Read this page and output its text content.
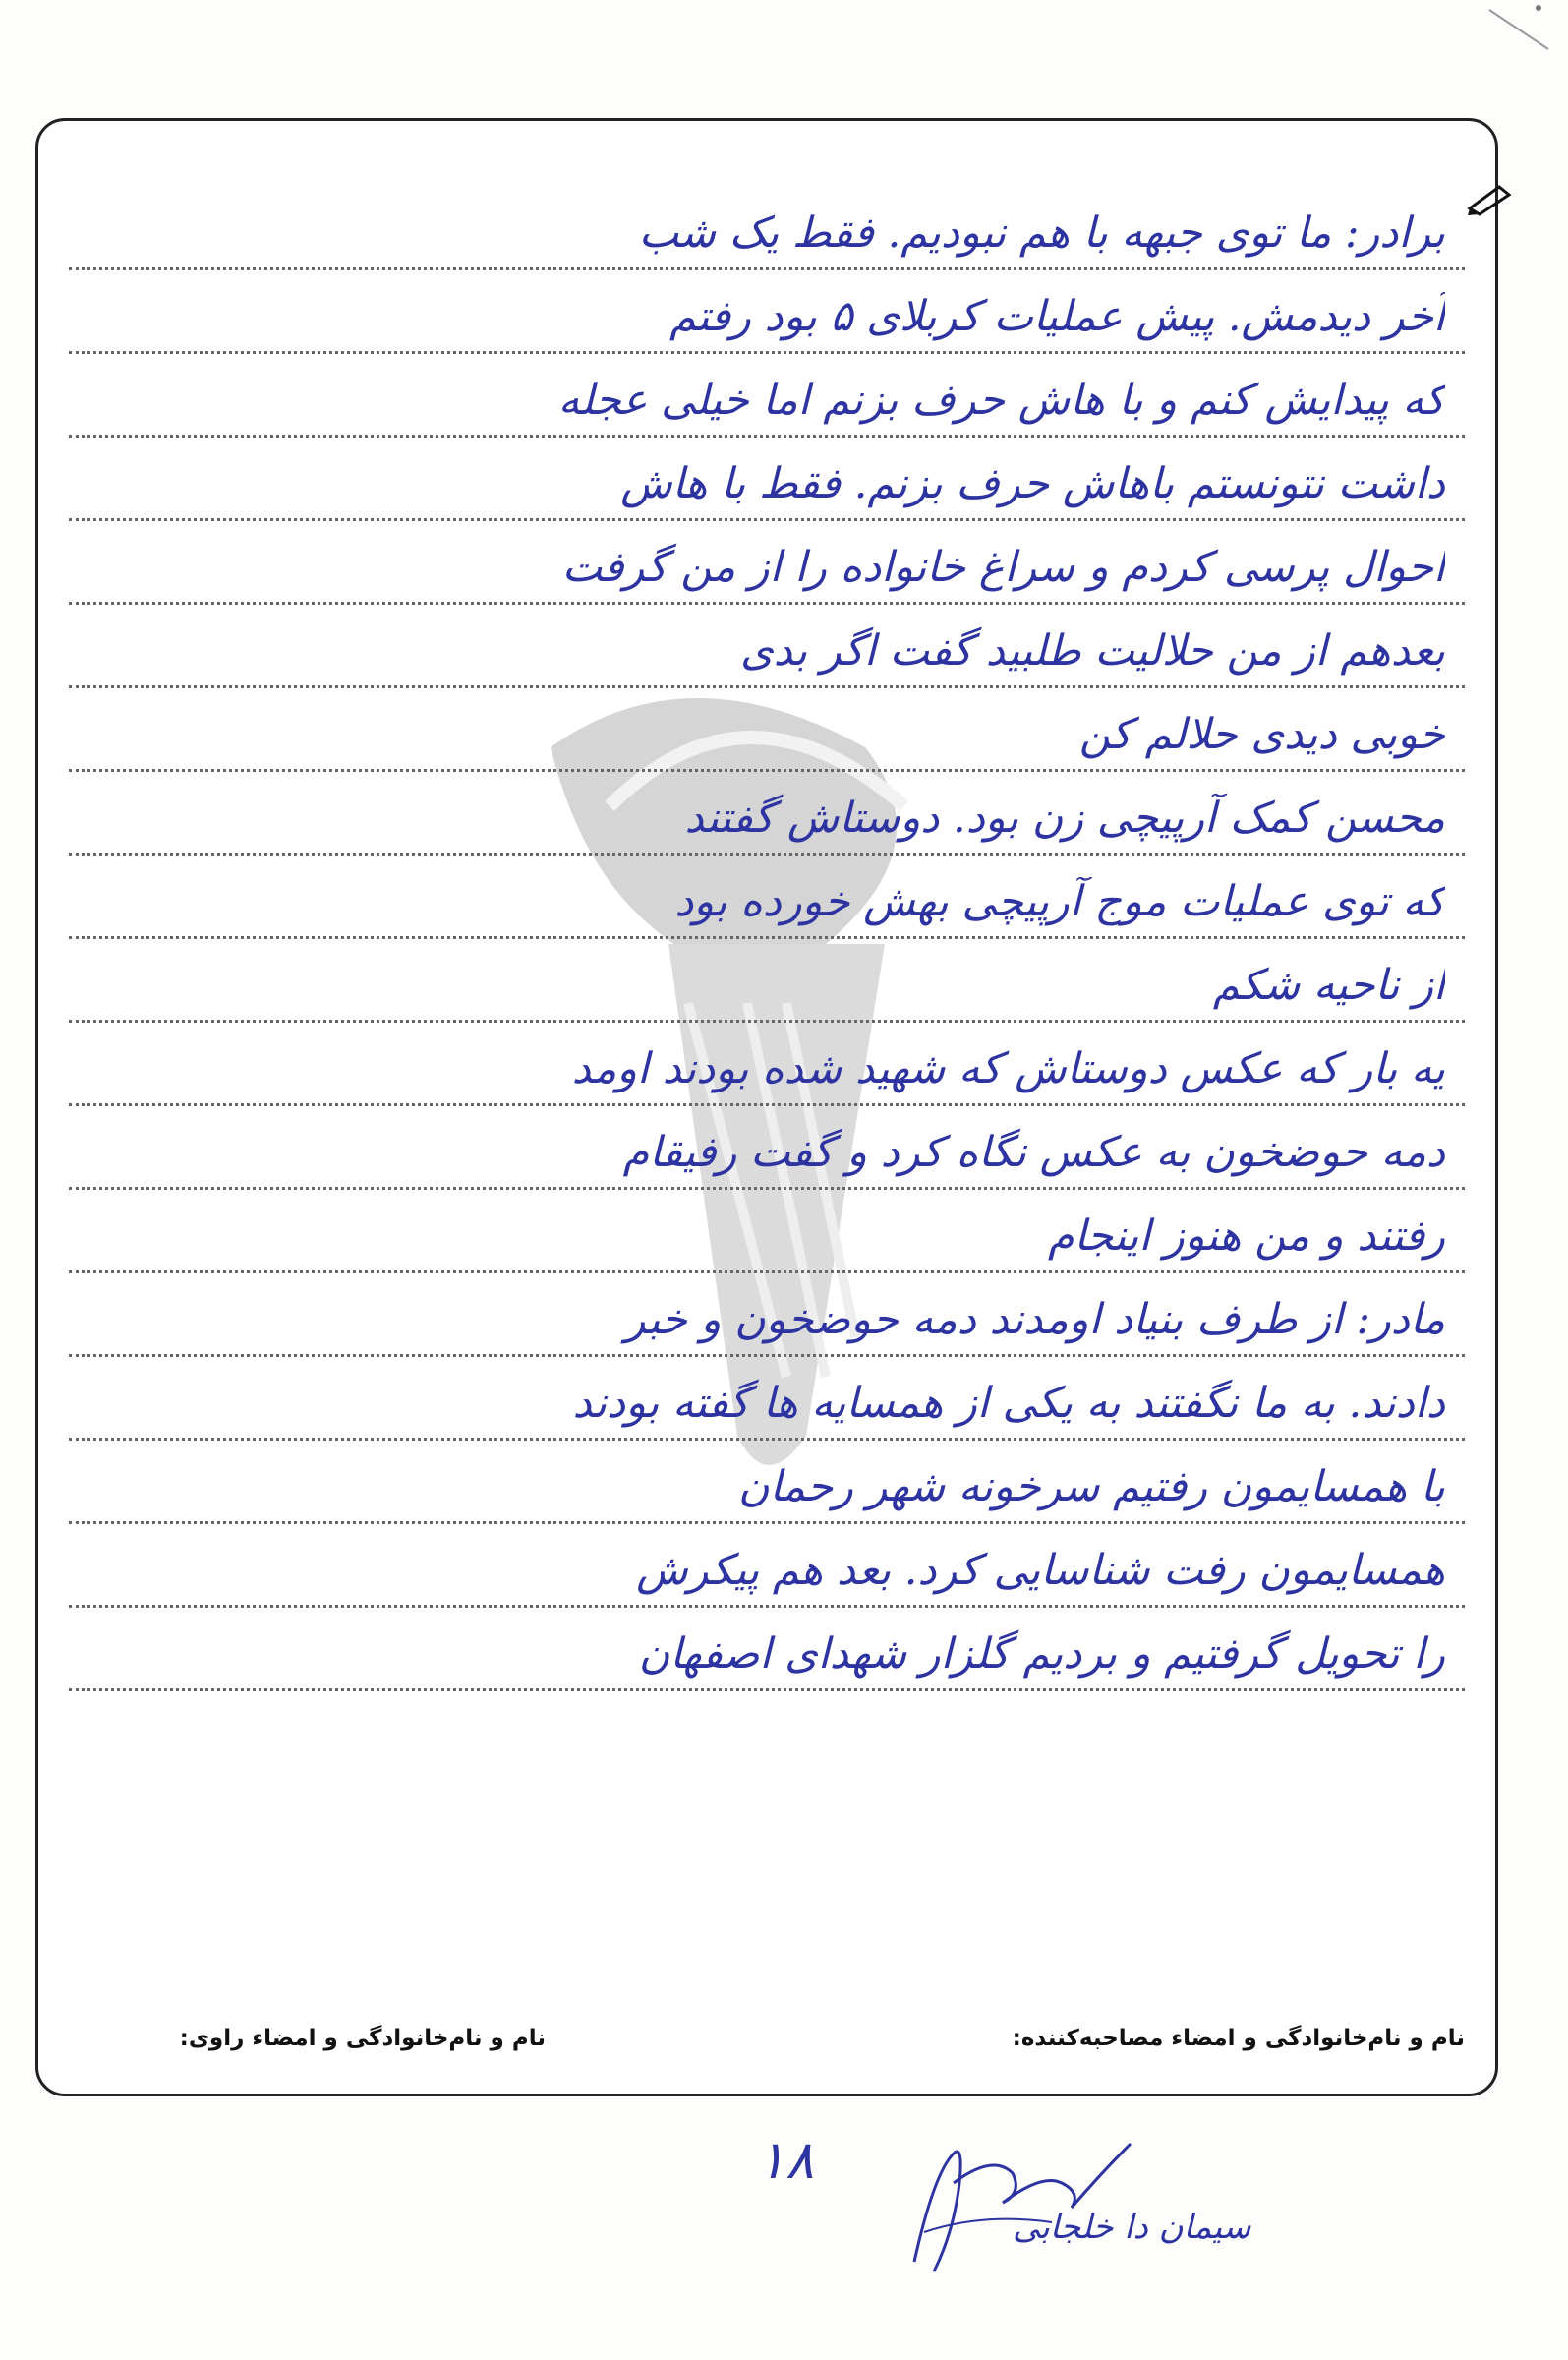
برادر: ما توی جبهه با هم نبودیم. فقط یک شب
آخر دیدمش. پیش عملیات کربلای ۵ بود رفتم
که پیدایش کنم و با هاش حرف بزنم اما خیلی عجله
داشت نتونستم باهاش حرف بزنم. فقط با هاش
احوال پرسی کردم و سراغ خانواده را از من گرفت
بعدهم از من حلالیت طلبید گفت اگر بدی
خوبی دیدی حلالم کن
محسن کمک آرپیچی زن بود. دوستاش گفتند
که توی عملیات موج آرپیچی بهش خورده بود
از ناحیه شکم
یه بار که عکس دوستاش که شهید شده بودند اومد
دمه حوضخون به عکس نگاه کرد و گفت رفیقام
رفتند و من هنوز اینجام
مادر: از طرف بنیاد اومدند دمه حوضخون و خبر
دادند. به ما نگفتند به یکی از همسایه ها گفته بودند
با همسایمون رفتیم سرخونه شهر رحمان
همسایمون رفت شناسایی کرد. بعد هم پیکرش
را تحویل گرفتیم و بردیم گلزار شهدای اصفهان
نام و نام‌خانوادگی و امضاء مصاحبه‌کننده:
نام و نام‌خانوادگی و امضاء راوی:
۱۸
سیمان دا خلجابی
